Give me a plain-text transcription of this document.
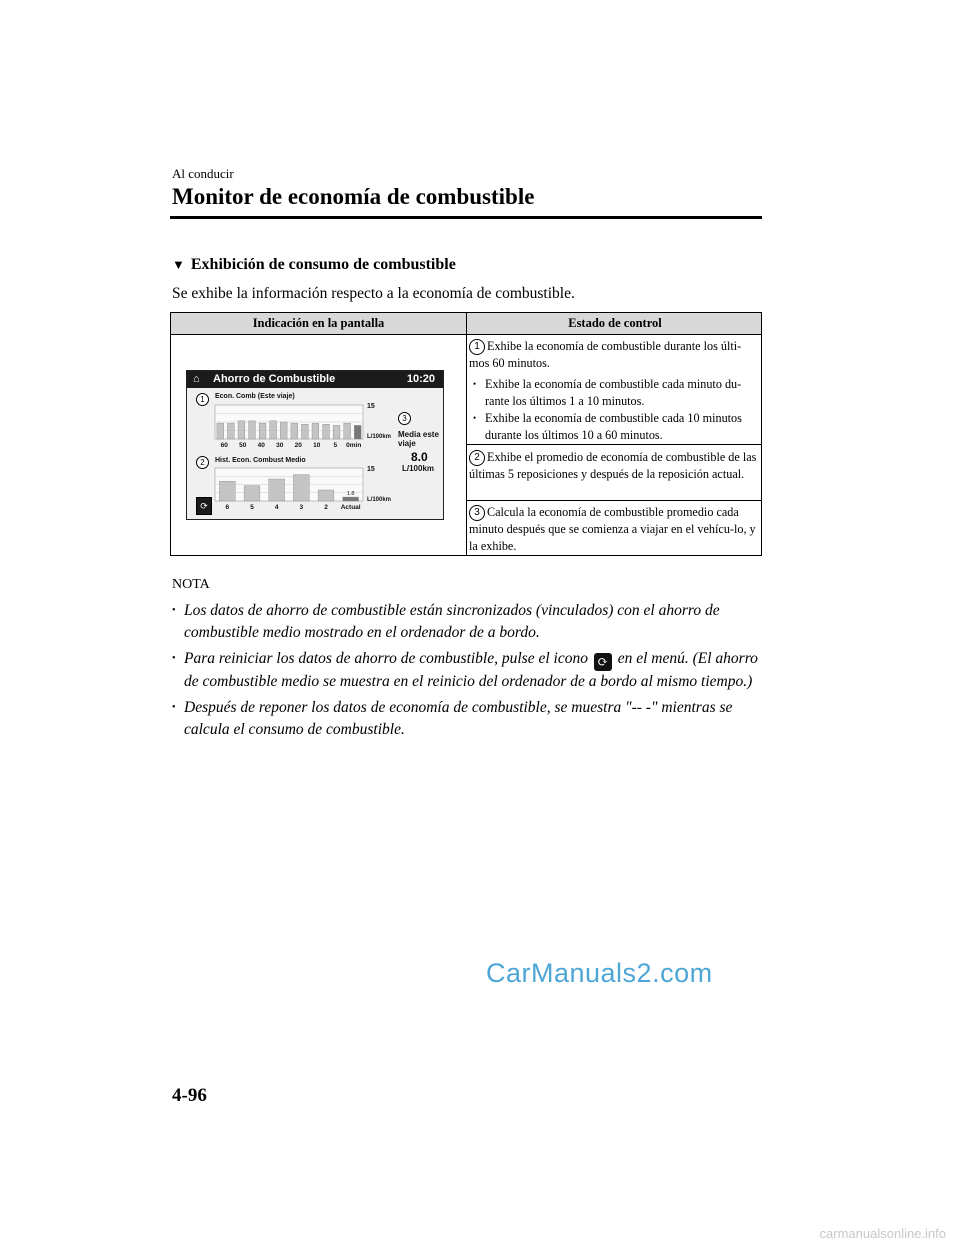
Al conducir
Monitor de economía de combustible
▼ Exhibición de consumo de combustible
Se exhibe la información respecto a la economía de combustible.
Indicación en la pantalla	Estado de control
1 Exhibe la economía de combustible durante los últi-mos 60 minutos.
• Exhibe la economía de combustible cada minuto du-rante los últimos 1 a 10 minutos.
• Exhibe la economía de combustible cada 10 minutos durante los últimos 10 a 60 minutos.
2 Exhibe el promedio de economía de combustible de las últimas 5 reposiciones y después de la reposición actual.
3 Calcula la economía de combustible promedio cada minuto después que se comienza a viajar en el vehícu-lo, y la exhibe.
60 50 40 30 20 10 5 0min
6	5	4	3	2 Actual
1.8
⌂ Ahorro de Combustible	10:20
1	Econ. Comb (Este viaje)
15
L/100km
3
Media este
viaje
8.0
L/100km
2	Hist. Econ. Combust Medio
15
L/100km
⟳
NOTA
• Los datos de ahorro de combustible están sincronizados (vinculados) con el ahorro de combustible medio mostrado en el ordenador de a bordo.
• Para reiniciar los datos de ahorro de combustible, pulse el icono ⟳ en el menú. (El ahorro de combustible medio se muestra en el reinicio del ordenador de a bordo al mismo tiempo.)
• Después de reponer los datos de economía de combustible, se muestra "-- -" mientras se calcula el consumo de combustible.
CarManuals2.com
4-96
carmanualsonline.info
